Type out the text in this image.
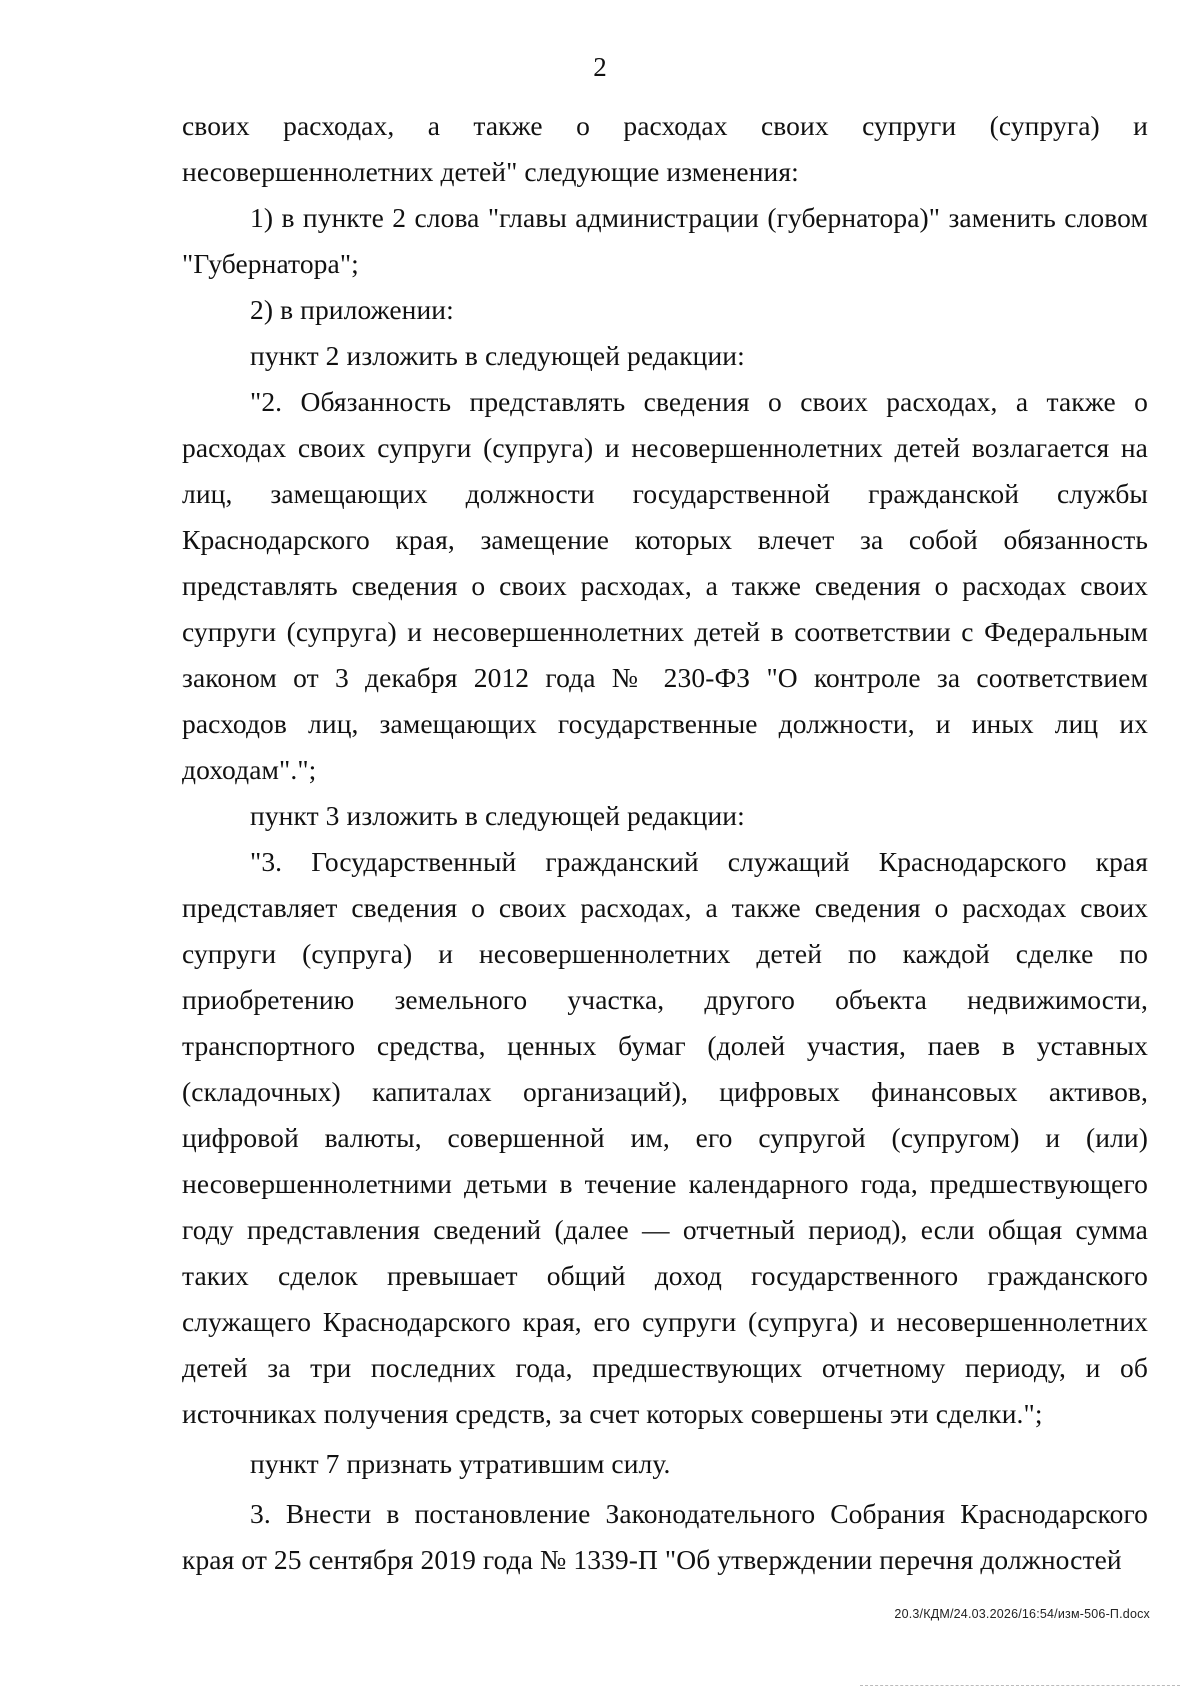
2

своих расходах, а также о расходах своих супруги (супруга) и несовершеннолетних детей" следующие изменения:

1) в пункте 2 слова "главы администрации (губернатора)" заменить словом "Губернатора";

2) в приложении:

пункт 2 изложить в следующей редакции:

"2. Обязанность представлять сведения о своих расходах, а также о расходах своих супруги (супруга) и несовершеннолетних детей возлагается на лиц, замещающих должности государственной гражданской службы Краснодарского края, замещение которых влечет за собой обязанность представлять сведения о своих расходах, а также сведения о расходах своих супруги (супруга) и несовершеннолетних детей в соответствии с Федеральным законом от 3 декабря 2012 года № 230-ФЗ "О контроле за соответствием расходов лиц, замещающих государственные должности, и иных лиц их доходам".";

пункт 3 изложить в следующей редакции:

"3. Государственный гражданский служащий Краснодарского края представляет сведения о своих расходах, а также сведения о расходах своих супруги (супруга) и несовершеннолетних детей по каждой сделке по приобретению земельного участка, другого объекта недвижимости, транспортного средства, ценных бумаг (долей участия, паев в уставных (складочных) капиталах организаций), цифровых финансовых активов, цифровой валюты, совершенной им, его супругой (супругом) и (или) несовершеннолетними детьми в течение календарного года, предшествующего году представления сведений (далее — отчетный период), если общая сумма таких сделок превышает общий доход государственного гражданского служащего Краснодарского края, его супруги (супруга) и несовершеннолетних детей за три последних года, предшествующих отчетному периоду, и об источниках получения средств, за счет которых совершены эти сделки.";

пункт 7 признать утратившим силу.

3. Внести в постановление Законодательного Собрания Краснодарского края от 25 сентября 2019 года № 1339-П "Об утверждении перечня должностей

20.3/КДМ/24.03.2026/16:54/изм-506-П.docx
